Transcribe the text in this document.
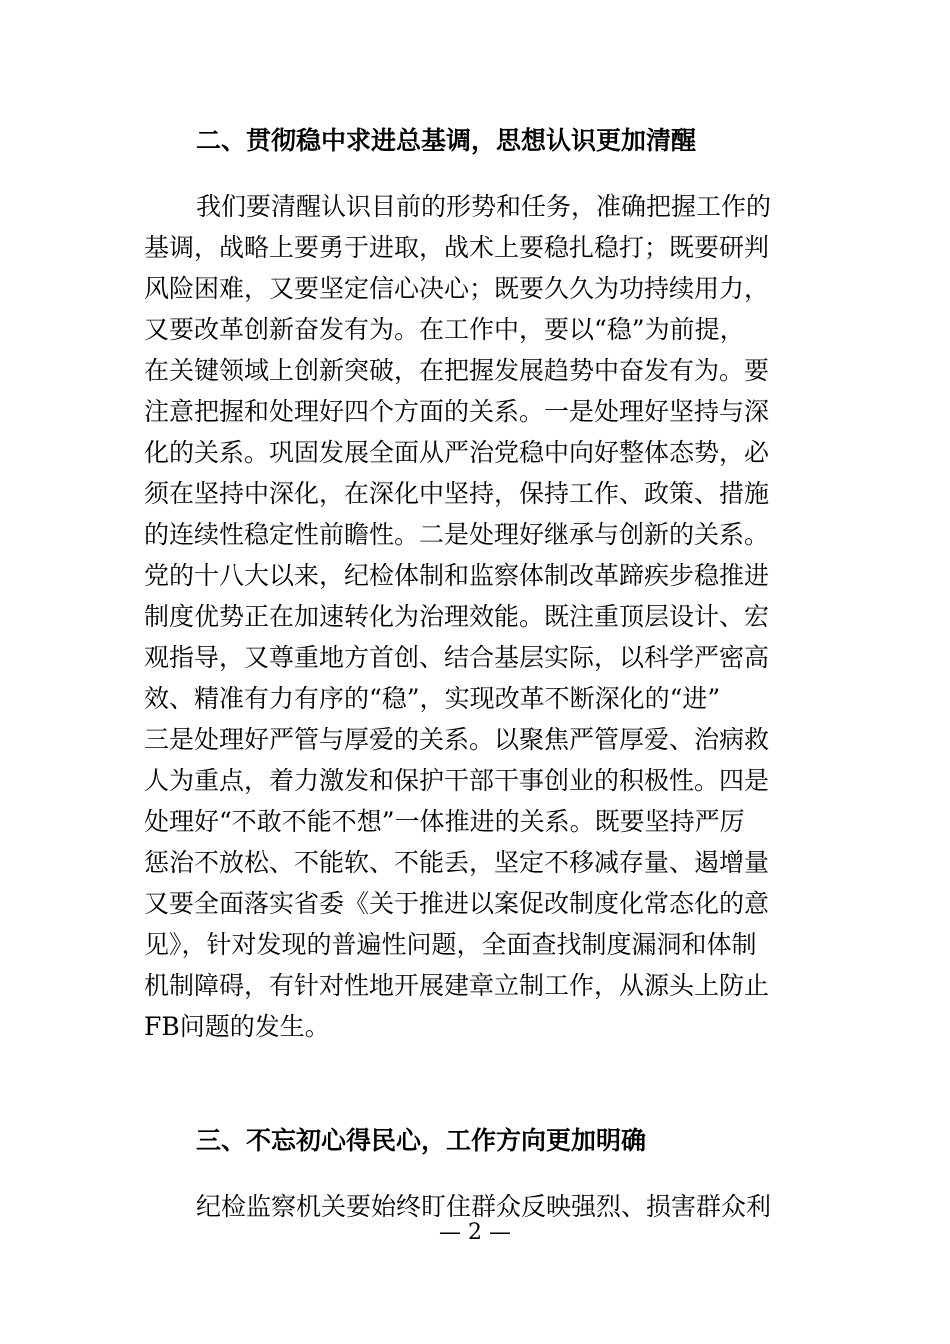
二、贯彻稳中求进总基调，思想认识更加清醒
我们要清醒认识目前的形势和任务，准确把握工作的
基调，战略上要勇于进取，战术上要稳扎稳打；既要研判
风险困难，又要坚定信心决心；既要久久为功持续用力，
又要改革创新奋发有为。在工作中，要以“稳”为前提，
在关键领域上创新突破，在把握发展趋势中奋发有为。要
注意把握和处理好四个方面的关系。一是处理好坚持与深
化的关系。巩固发展全面从严治党稳中向好整体态势，必
须在坚持中深化，在深化中坚持，保持工作、政策、措施
的连续性稳定性前瞻性。二是处理好继承与创新的关系。
党的十八大以来，纪检体制和监察体制改革蹄疾步稳推进
制度优势正在加速转化为治理效能。既注重顶层设计、宏
观指导，又尊重地方首创、结合基层实际，以科学严密高
效、精准有力有序的“稳”，实现改革不断深化的“进”
三是处理好严管与厚爱的关系。以聚焦严管厚爱、治病救
人为重点，着力激发和保护干部干事创业的积极性。四是
处理好“不敢不能不想”一体推进的关系。既要坚持严厉
惩治不放松、不能软、不能丢，坚定不移减存量、遏增量
又要全面落实省委《关于推进以案促改制度化常态化的意
见》，针对发现的普遍性问题，全面查找制度漏洞和体制
机制障碍，有针对性地开展建章立制工作，从源头上防止
FB问题的发生。
三、不忘初心得民心，工作方向更加明确
纪检监察机关要始终盯住群众反映强烈、损害群众利
— 2 —
